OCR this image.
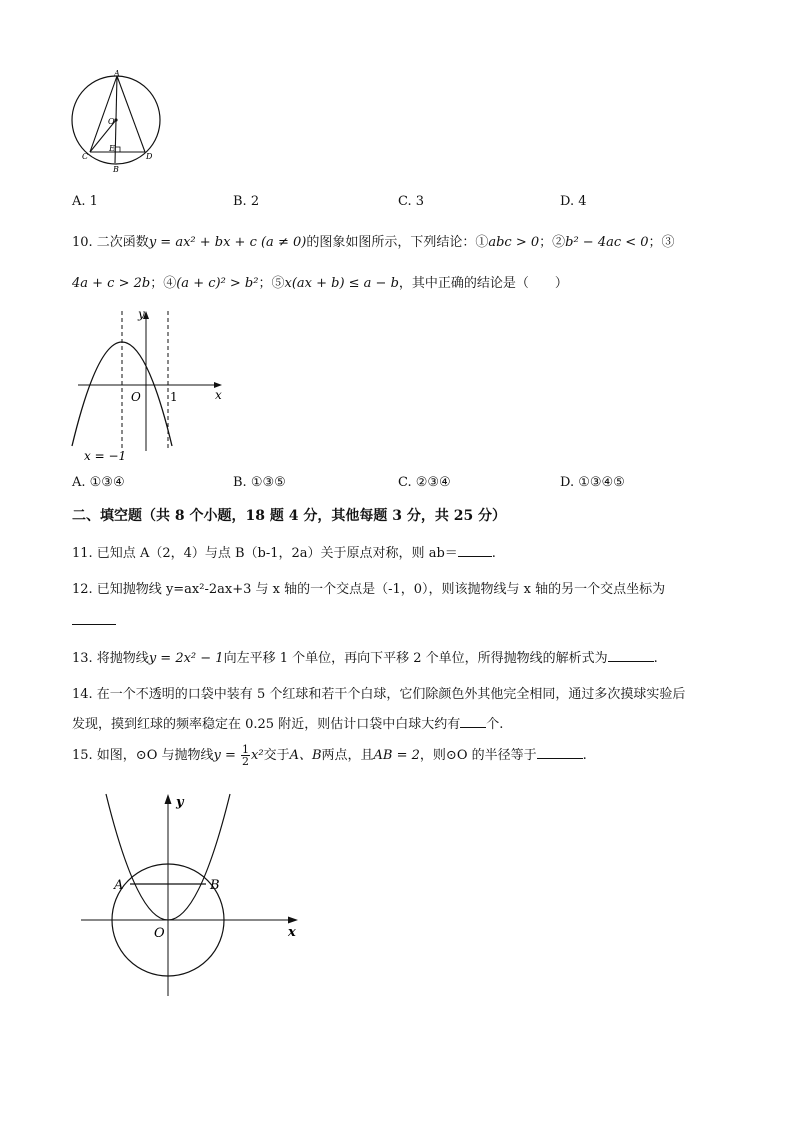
A
O
E
C	D
B
A. 1	B. 2	C. 3	D. 4
10. 二次函数y = ax² + bx + c (a ≠ 0)的图象如图所示，下列结论：①abc > 0；②b² − 4ac < 0；③
4a + c > 2b；④(a + c)² > b²；⑤x(ax + b) ≤ a − b，其中正确的结论是（　　）
y
x
O 1
x = −1
A. ①③④	B. ①③⑤	C. ②③④	D. ①③④⑤
二、填空题（共 8 个小题，18 题 4 分，其他每题 3 分，共 25 分）
11. 已知点 A（2，4）与点 B（b-1，2a）关于原点对称，则 ab＝	.
12. 已知抛物线 y=ax²-2ax+3 与 x 轴的一个交点是（-1，0），则该抛物线与 x 轴的另一个交点坐标为
13. 将抛物线y = 2x² − 1向左平移 1 个单位，再向下平移 2 个单位，所得抛物线的解析式为	.
14. 在一个不透明的口袋中装有 5 个红球和若干个白球，它们除颜色外其他完全相同，通过多次摸球实验后
发现，摸到红球的频率稳定在 0.25 附近，则估计口袋中白球大约有 个.
15. 如图，⊙O 与抛物线$y = \frac{1}{2} x^2$交于A、B两点，且AB = 2，则⊙O 的半径等于	.
y
x
A	B
O
